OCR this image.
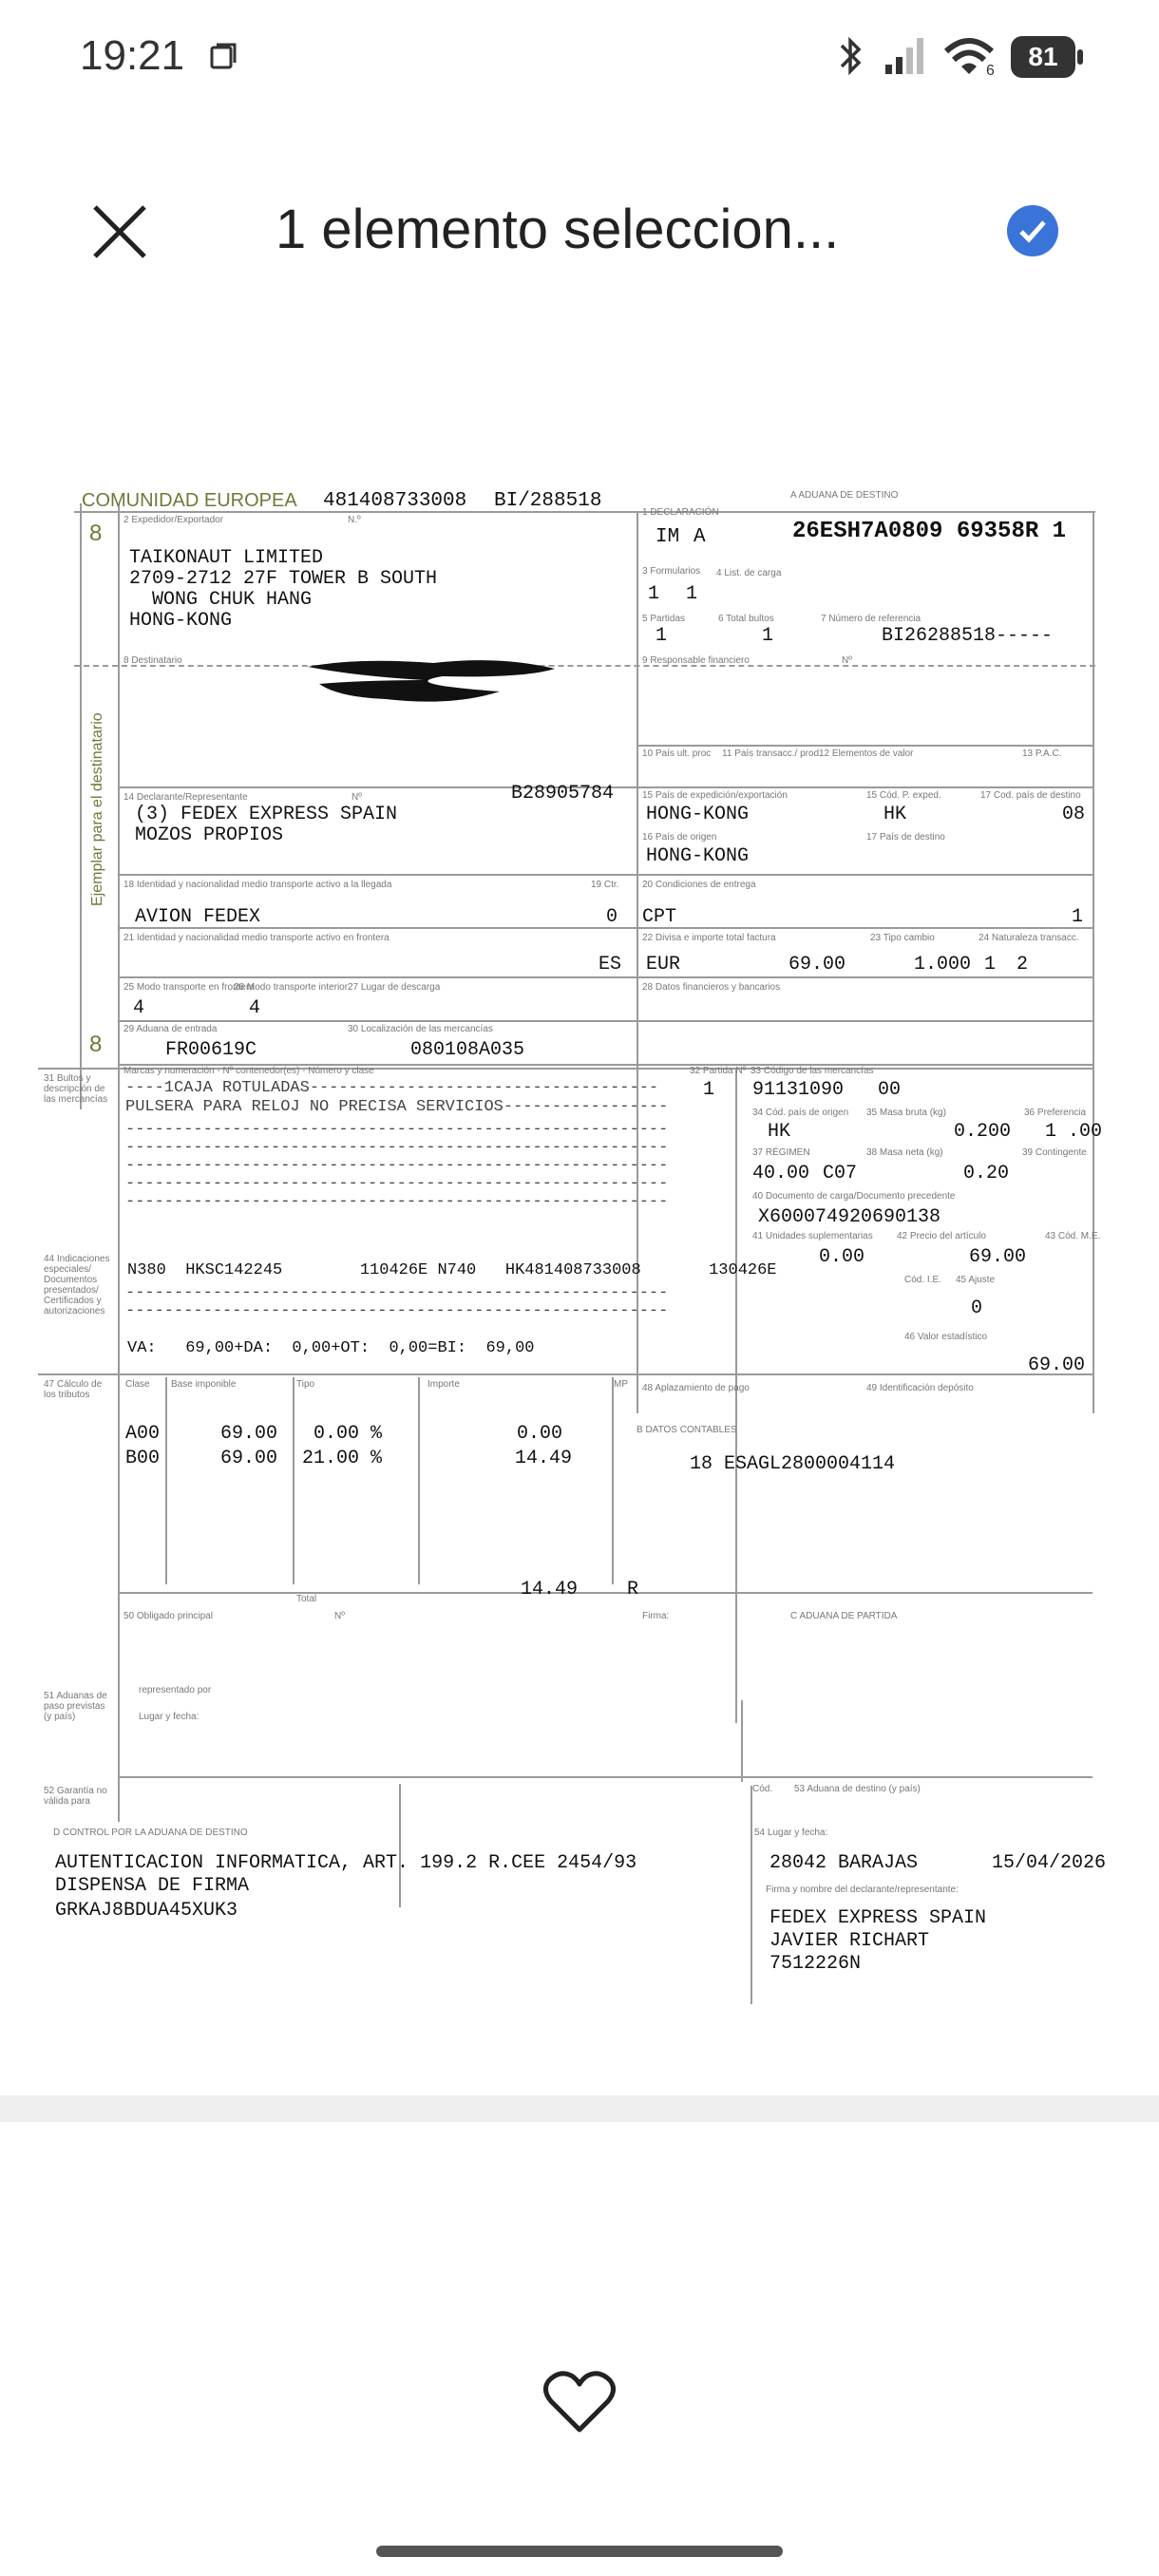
19:21	6	81
1 elemento seleccion...
COMUNIDAD EUROPEA 481408733008 BI/288518	A ADUANA DE DESTINO
8
8
Ejemplar para el destinatario
1 DECLARACIÓN
IM A	26ESH7A0809 69358R 1
2 Expedidor/Exportador	N.º
TAIKONAUT LIMITED
2709-2712 27F TOWER B SOUTH
WONG CHUK HANG
HONG-KONG
3 Formularios 4 List. de carga
1 1
5 Partidas	6 Total bultos	7 Número de referencia
1	1	BI26288518-----
8 Destinatario	9 Responsable financiero	Nº
10 País ult. proc 11 País transacc./ prod.
12 Elementos de valor	13 P.A.C.
14 Declarante/Representante	Nº	B28905784
(3) FEDEX EXPRESS SPAIN
MOZOS PROPIOS
15 País de expedición/exportación
HONG-KONG
15 Cód. P. exped.
HK
17 Cod. país de destino
08
16 País de origen
HONG-KONG
17 País de destino
18 Identidad y nacionalidad medio transporte activo a la llegada
AVION FEDEX
19 Ctr.
0
20 Condiciones de entrega
CPT	1
21 Identidad y nacionalidad medio transporte activo en frontera
ES
22 Divisa e importe total factura
EUR	69.00
23 Tipo cambio
1.000
24 Naturaleza transacc.
1 2
25 Modo transporte en frontera
4
26 Modo transporte interior
4
27 Lugar de descarga	28 Datos financieros y bancarios
29 Aduana de entrada
FR00619C
30 Localización de las mercancías
080108A035
31 Bultos y descripción de las mercancías
Marcas y numeración - Nº contenedor(es) - Número y clase
----1CAJA ROTULADAS------------------------------------
PULSERA PARA RELOJ NO PRECISA SERVICIOS-----------------
--------------------------------------------------------
--------------------------------------------------------
--------------------------------------------------------
--------------------------------------------------------
--------------------------------------------------------
32 Partida Nº
1
33 Código de las mercancías
91131090 00
34 Cód. país de origen
HK
35 Masa bruta (kg)
0.200
36 Preferencia
1 .00
37 RÉGIMEN
40.00 C07
38 Masa neta (kg)
0.20
39 Contingente
40 Documento de carga/Documento precedente
X600074920690138
41 Unidades suplementarias
0.00
42 Precio del artículo
69.00
43 Cód. M.E.
44 Indicaciones especiales/ Documentos presentados/ Certificados y autorizaciones
N380  HKSC142245        110426E N740   HK481408733008       130426E
--------------------------------------------------------
--------------------------------------------------------
Cód. I.E. 45 Ajuste
0
VA:   69,00+DA:  0,00+OT:  0,00=BI:  69,00
46 Valor estadístico
69.00
47 Cálculo de los tributos
Clase Base imponible	Tipo	Importe	MP
A00	69.00 0.00 %	0.00
B00	69.00 21.00 %	14.49
Total	14.49	R
48 Aplazamiento de pago	49 Identificación depósito
B DATOS CONTABLES
18 ESAGL2800004114
50 Obligado principal	Nº	Firma:	C ADUANA DE PARTIDA
representado por
Lugar y fecha:
51 Aduanas de paso previstas (y país)
52 Garantía no válida para
Cód. 53 Aduana de destino (y país)
D CONTROL POR LA ADUANA DE DESTINO
AUTENTICACION INFORMATICA, ART. 199.2 R.CEE 2454/93
DISPENSA DE FIRMA
GRKAJ8BDUA45XUK3
54 Lugar y fecha:
28042 BARAJAS	15/04/2026
Firma y nombre del declarante/representante:
FEDEX EXPRESS SPAIN
JAVIER RICHART
7512226N
